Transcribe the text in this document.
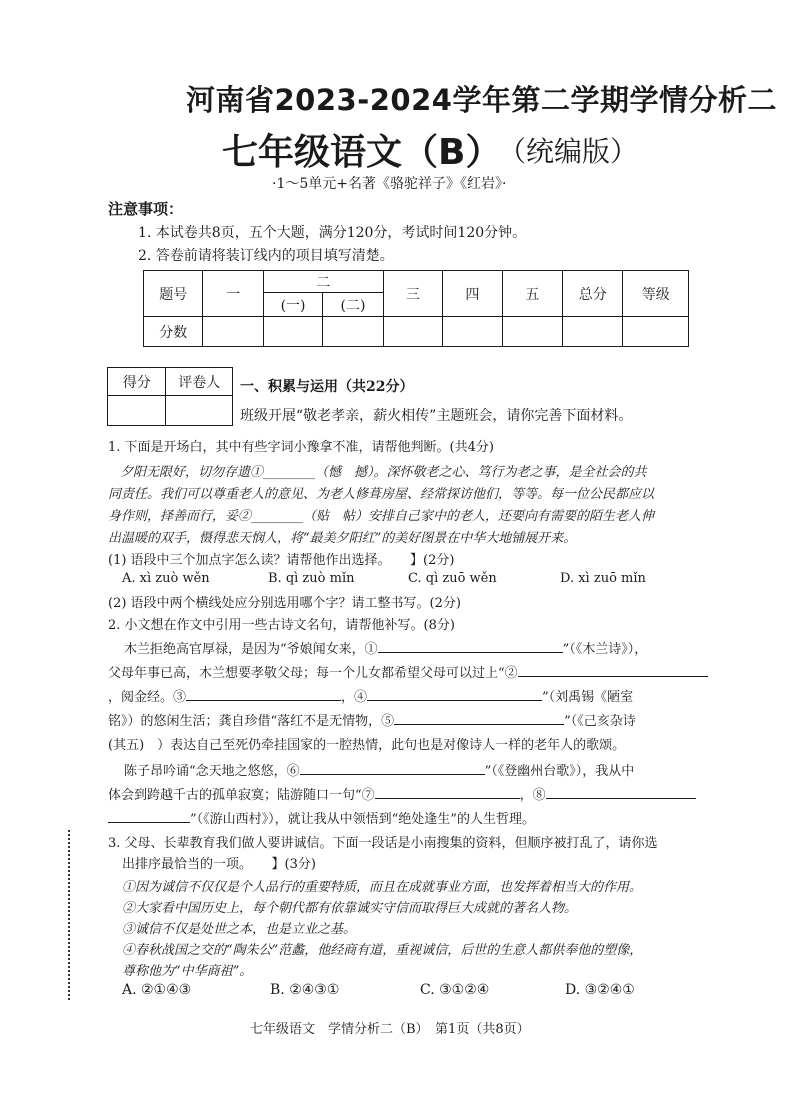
河南省2023-2024学年第二学期学情分析二
七年级语文（B）
（统编版）
·1～5单元+名著《骆驼祥子》《红岩》·
注意事项：
1. 本试卷共8页，五个大题，满分120分，考试时间120分钟。
2. 答卷前请将装订线内的项目填写清楚。
题号	一	二		三	四	五	总分	等级
		(一)	(二)					
分数								
得分	评卷人
	一、积累与运用（共22分）
班级开展“敬老孝亲，薪火相传”主题班会，请你完善下面材料。
1. 下面是开场白，其中有些字词小豫拿不准，请帮他判断。(共4分)
夕阳无限好，切勿存遗①________（憾　撼）。深怀敬老之心、笃行为老之事，是全社会的共
同责任。我们可以尊重老人的意见、为老人修葺房屋、经常探访他们，等等。每一位公民都应以
身作则，择善而行，妥②________（贴　帖）安排自己家中的老人，还要向有需要的陌生老人伸
出温暖的双手，慑得悲天悯人，将“最美夕阳红”的美好图景在中华大地铺展开来。
(1) 语段中三个加点字怎么读？请帮他作出选择。　　】(2分)
A. xì zuò wěn	B. qì zuò mǐn	C. qì zuō wěn	D. xì zuō mǐn
(2) 语段中两个横线处应分别选用哪个字？请工整书写。(2分)
2. 小文想在作文中引用一些古诗文名句，请帮他补写。(8分)
木兰拒绝高官厚禄，是因为“爷娘闻女来，①	”（《木兰诗》），
父母年事已高，木兰想要孝敬父母；每一个儿女都希望父母可以过上“②
，阅金经。③	，④	”（刘禹锡《陋室
铭》）的悠闲生活；龚自珍借“落红不是无情物，⑤	”（《己亥杂诗
(其五)　）表达自己至死仍牵挂国家的一腔热情，此句也是对像诗人一样的老年人的歌颂。
陈子昂吟诵“念天地之悠悠，⑥	”（《登幽州台歌》），我从中
体会到跨越千古的孤单寂寞；陆游随口一句“⑦	，⑧
”（《游山西村》），就让我从中领悟到“绝处逢生”的人生哲理。
3. 父母、长辈教育我们做人要讲诚信。下面一段话是小南搜集的资料，但顺序被打乱了，请你选
出排序最恰当的一项。　　】(3分)
①因为诚信不仅仅是个人品行的重要特质，而且在成就事业方面，也发挥着相当大的作用。
②大家看中国历史上，每个朝代都有依靠诚实守信而取得巨大成就的著名人物。
③诚信不仅是处世之本，也是立业之基。
④春秋战国之交的“陶朱公”范蠡，他经商有道，重视诚信，后世的生意人都供奉他的塑像，
尊称他为“中华商祖”。
A. ②①④③	B. ②④③①	C. ③①②④	D. ③②④①
七年级语文　学情分析二（B）　第1页（共8页）
